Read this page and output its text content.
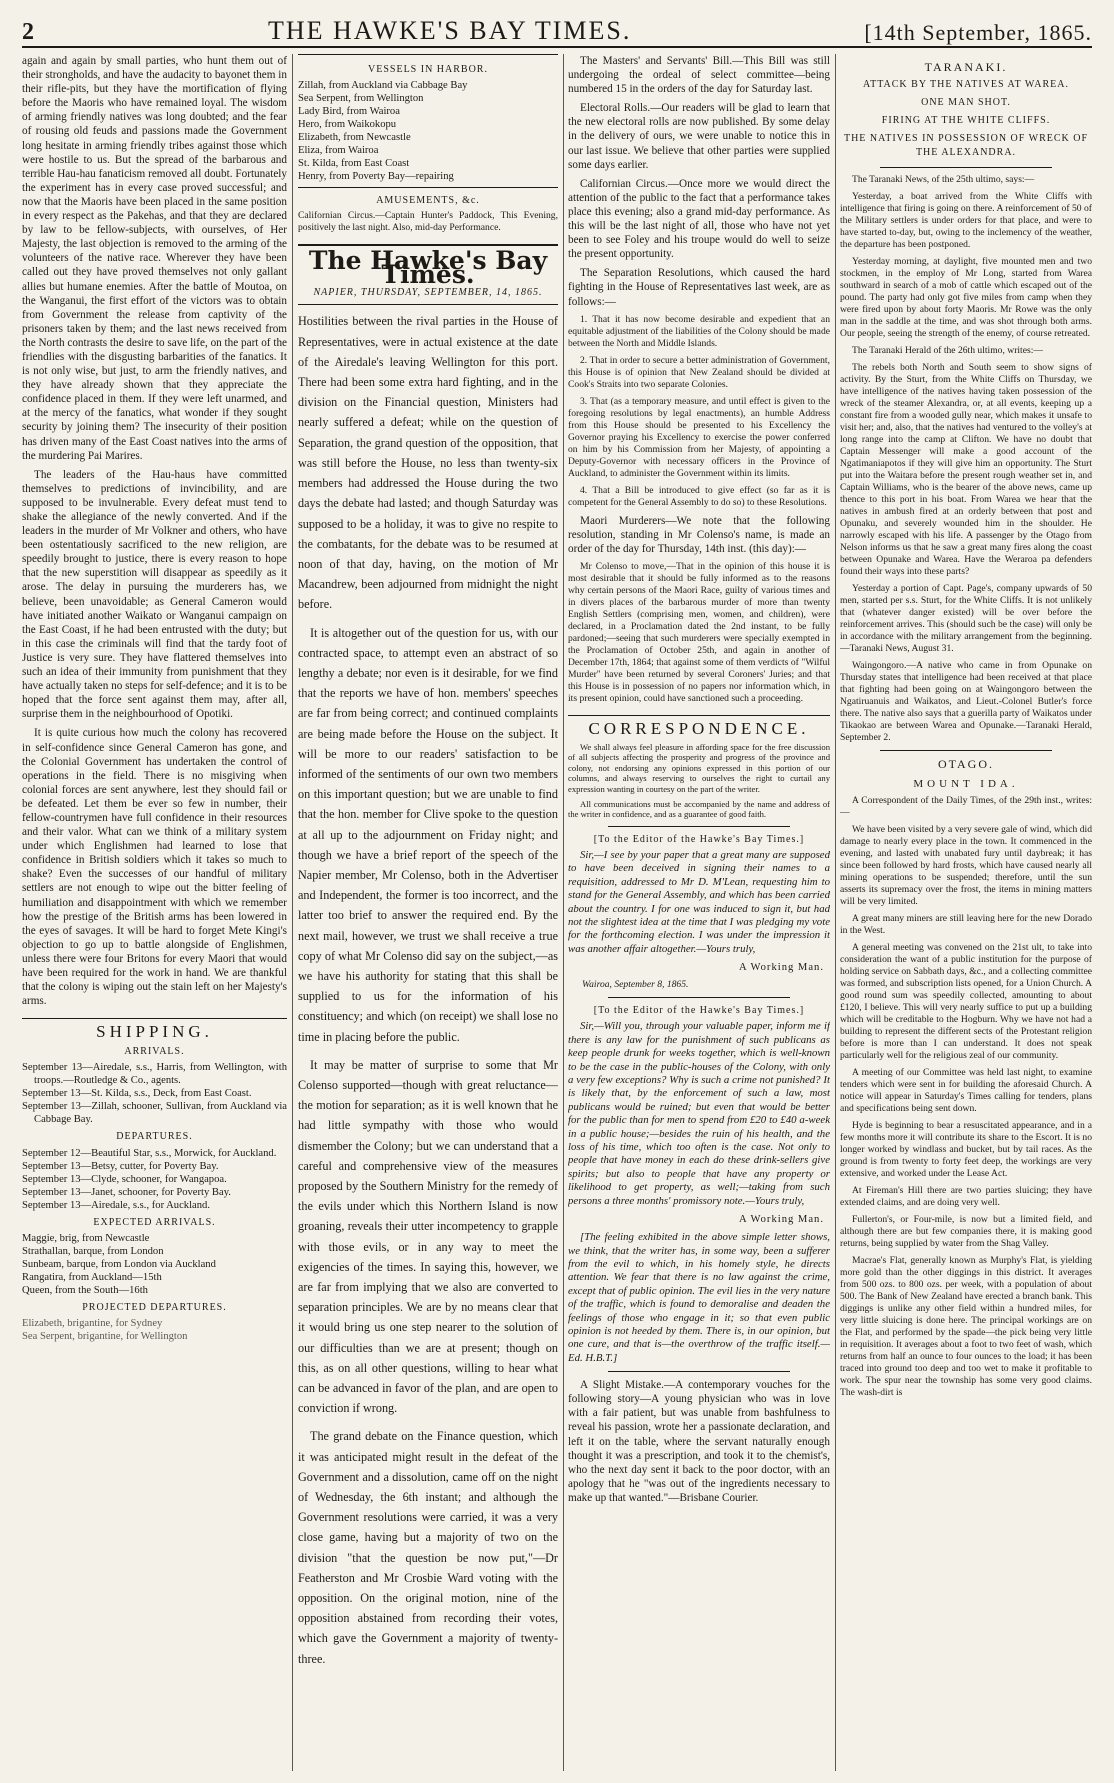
2	THE HAWKE'S BAY TIMES.	[14th September, 1865.

again and again by small parties, who hunt them out of their strongholds, and have the audacity to bayonet them in their rifle-pits, but they have the mortification of flying before the Maoris who have remained loyal. The wisdom of arming friendly natives was long doubted; and the fear of rousing old feuds and passions made the Government long hesitate in arming friendly tribes against those which were hostile to us. But the spread of the barbarous and terrible Hau-hau fanaticism removed all doubt. Fortunately the experiment has in every case proved successful; and now that the Maoris have been placed in the same position in every respect as the Pakehas, and that they are declared by law to be fellow-subjects, with ourselves, of Her Majesty, the last objection is removed to the arming of the volunteers of the native race. Wherever they have been called out they have proved themselves not only gallant allies but humane enemies. After the battle of Moutoa, on the Wanganui, the first effort of the victors was to obtain from Government the release from captivity of the prisoners taken by them; and the last news received from the North contrasts the desire to save life, on the part of the friendlies with the disgusting barbarities of the fanatics. It is not only wise, but just, to arm the friendly natives, and they have already shown that they appreciate the confidence placed in them. If they were left unarmed, and at the mercy of the fanatics, what wonder if they sought security by joining them? The insecurity of their position has driven many of the East Coast natives into the arms of the murdering Pai Marires.

The leaders of the Hau-haus have committed themselves to predictions of invincibility, and are supposed to be invulnerable. Every defeat must tend to shake the allegiance of the newly converted. And if the leaders in the murder of Mr Volkner and others, who have been ostentatiously sacrificed to the new religion, are speedily brought to justice, there is every reason to hope that the new superstition will disappear as speedily as it arose. The delay in pursuing the murderers has, we believe, been unavoidable; as General Cameron would have initiated another Waikato or Wanganui campaign on the East Coast, if he had been entrusted with the duty; but in this case the criminals will find that the tardy foot of Justice is very sure. They have flattered themselves into such an idea of their immunity from punishment that they have actually taken no steps for self-defence; and it is to be hoped that the force sent against them may, after all, surprise them in the neighbourhood of Opotiki.

It is quite curious how much the colony has recovered in self-confidence since General Cameron has gone, and the Colonial Government has undertaken the control of operations in the field. There is no misgiving when colonial forces are sent anywhere, lest they should fail or be defeated. Let them be ever so few in number, their fellow-countrymen have full confidence in their resources and their valor. What can we think of a military system under which Englishmen had learned to lose that confidence in British soldiers which it takes so much to shake? Even the successes of our handful of military settlers are not enough to wipe out the bitter feeling of humiliation and disappointment with which we remember how the prestige of the British arms has been lowered in the eyes of savages. It will be hard to forget Mete Kingi's objection to go up to battle alongside of Englishmen, unless there were four Britons for every Maori that would have been required for the work in hand. We are thankful that the colony is wiping out the stain left on her Majesty's arms.

SHIPPING.
ARRIVALS.
September 13—Airedale, s.s., Harris, from Wellington, with troops.—Routledge & Co., agents.
September 13—St. Kilda, s.s., Deck, from East Coast.
September 13—Zillah, schooner, Sullivan, from Auckland via Cabbage Bay.
DEPARTURES.
September 12—Beautiful Star, s.s., Morwick, for Auckland.
September 13—Betsy, cutter, for Poverty Bay.
September 13—Clyde, schooner, for Wangapoa.
September 13—Janet, schooner, for Poverty Bay.
September 13—Airedale, s.s., for Auckland.
EXPECTED ARRIVALS.
Maggie, brig, from Newcastle
Strathallan, barque, from London
Sunbeam, barque, from London via Auckland
Rangatira, from Auckland—15th
Queen, from the South—16th
PROJECTED DEPARTURES.
Elizabeth, brigantine, for Sydney
Sea Serpent, brigantine, for Wellington
VESSELS IN HARBOR.
Zillah, from Auckland via Cabbage Bay
Sea Serpent, from Wellington
Lady Bird, from Wairoa
Hero, from Waikokopu
Elizabeth, from Newcastle
Eliza, from Wairoa
St. Kilda, from East Coast
Henry, from Poverty Bay—repairing
AMUSEMENTS, &c.

Californian Circus.—Captain Hunter's Paddock, This Evening, positively the last night. Also, mid-day Performance.

The Hawke's Bay Times.
NAPIER, THURSDAY, SEPTEMBER, 14, 1865.

Hostilities between the rival parties in the House of Representatives, were in actual existence at the date of the Airedale's leaving Wellington for this port. There had been some extra hard fighting, and in the division on the Financial question, Ministers had nearly suffered a defeat; while on the question of Separation, the grand question of the opposition, that was still before the House, no less than twenty-six members had addressed the House during the two days the debate had lasted; and though Saturday was supposed to be a holiday, it was to give no respite to the combatants, for the debate was to be resumed at noon of that day, having, on the motion of Mr Macandrew, been adjourned from midnight the night before.

It is altogether out of the question for us, with our contracted space, to attempt even an abstract of so lengthy a debate; nor even is it desirable, for we find that the reports we have of hon. members' speeches are far from being correct; and continued complaints are being made before the House on the subject. It will be more to our readers' satisfaction to be informed of the sentiments of our own two members on this important question; but we are unable to find that the hon. member for Clive spoke to the question at all up to the adjournment on Friday night; and though we have a brief report of the speech of the Napier member, Mr Colenso, both in the Advertiser and Independent, the former is too incorrect, and the latter too brief to answer the required end. By the next mail, however, we trust we shall receive a true copy of what Mr Colenso did say on the subject,—as we have his authority for stating that this shall be supplied to us for the information of his constituency; and which (on receipt) we shall lose no time in placing before the public.

It may be matter of surprise to some that Mr Colenso supported—though with great reluctance—the motion for separation; as it is well known that he had little sympathy with those who would dismember the Colony; but we can understand that a careful and comprehensive view of the measures proposed by the Southern Ministry for the remedy of the evils under which this Northern Island is now groaning, reveals their utter incompetency to grapple with those evils, or in any way to meet the exigencies of the times. In saying this, however, we are far from implying that we also are converted to separation principles. We are by no means clear that it would bring us one step nearer to the solution of our difficulties than we are at present; though on this, as on all other questions, willing to hear what can be advanced in favor of the plan, and are open to conviction if wrong.

The grand debate on the Finance question, which it was anticipated might result in the defeat of the Government and a dissolution, came off on the night of Wednesday, the 6th instant; and although the Government resolutions were carried, it was a very close game, having but a majority of two on the division "that the question be now put,"—Dr Featherston and Mr Crosbie Ward voting with the opposition. On the original motion, nine of the opposition abstained from recording their votes, which gave the Government a majority of twenty-three.

The Masters' and Servants' Bill.—This Bill was still undergoing the ordeal of select committee—being numbered 15 in the orders of the day for Saturday last.

Electoral Rolls.—Our readers will be glad to learn that the new electoral rolls are now published. By some delay in the delivery of ours, we were unable to notice this in our last issue. We believe that other parties were supplied some days earlier.

Californian Circus.—Once more we would direct the attention of the public to the fact that a performance takes place this evening; also a grand mid-day performance. As this will be the last night of all, those who have not yet been to see Foley and his troupe would do well to seize the present opportunity.

The Separation Resolutions, which caused the hard fighting in the House of Representatives last week, are as follows:—

1. That it has now become desirable and expedient that an equitable adjustment of the liabilities of the Colony should be made between the North and Middle Islands.

2. That in order to secure a better administration of Government, this House is of opinion that New Zealand should be divided at Cook's Straits into two separate Colonies.

3. That (as a temporary measure, and until effect is given to the foregoing resolutions by legal enactments), an humble Address from this House should be presented to his Excellency the Governor praying his Excellency to exercise the power conferred on him by his Commission from her Majesty, of appointing a Deputy-Governor with necessary officers in the Province of Auckland, to administer the Government within its limits.

4. That a Bill be introduced to give effect (so far as it is competent for the General Assembly to do so) to these Resolutions.

Maori Murderers—We note that the following resolution, standing in Mr Colenso's name, is made an order of the day for Thursday, 14th inst. (this day):—

Mr Colenso to move,—That in the opinion of this house it is most desirable that it should be fully informed as to the reasons why certain persons of the Maori Race, guilty of various times and in divers places of the barbarous murder of more than twenty English Settlers (comprising men, women, and children), were declared, in a Proclamation dated the 2nd instant, to be fully pardoned;—seeing that such murderers were specially exempted in the Proclamation of October 25th, and again in another of December 17th, 1864; that against some of them verdicts of "Wilful Murder" have been returned by several Coroners' Juries; and that this House is in possession of no papers nor information which, in its present opinion, could have sanctioned such a proceeding.

CORRESPONDENCE.

We shall always feel pleasure in affording space for the free discussion of all subjects affecting the prosperity and progress of the province and colony, not endorsing any opinions expressed in this portion of our columns, and always reserving to ourselves the right to curtail any expression wanting in courtesy on the part of the writer.

All communications must be accompanied by the name and address of the writer in confidence, and as a guarantee of good faith.

[To the Editor of the Hawke's Bay Times.]

Sir,—I see by your paper that a great many are supposed to have been deceived in signing their names to a requisition, addressed to Mr D. M'Lean, requesting him to stand for the General Assembly, and which has been carried about the country. I for one was induced to sign it, but had not the slightest idea at the time that I was pledging my vote for the forthcoming election. I was under the impression it was another affair altogether.—Yours truly,

A Working Man.
Wairoa, September 8, 1865.
[To the Editor of the Hawke's Bay Times.]

Sir,—Will you, through your valuable paper, inform me if there is any law for the punishment of such publicans as keep people drunk for weeks together, which is well-known to be the case in the public-houses of the Colony, with only a very few exceptions? Why is such a crime not punished? It is likely that, by the enforcement of such a law, most publicans would be ruined; but even that would be better for the public than for men to spend from £20 to £40 a-week in a public house;—besides the ruin of his health, and the loss of his time, which too often is the case. Not only to people that have money in each do these drink-sellers give spirits; but also to people that have any property or likelihood to get property, as well;—taking from such persons a three months' promissory note.—Yours truly,

A Working Man.

[The feeling exhibited in the above simple letter shows, we think, that the writer has, in some way, been a sufferer from the evil to which, in his homely style, he directs attention. We fear that there is no law against the crime, except that of public opinion. The evil lies in the very nature of the traffic, which is found to demoralise and deaden the feelings of those who engage in it; so that even public opinion is not heeded by them. There is, in our opinion, but one cure, and that is—the overthrow of the traffic itself.—Ed. H.B.T.]

A Slight Mistake.—A contemporary vouches for the following story—A young physician who was in love with a fair patient, but was unable from bashfulness to reveal his passion, wrote her a passionate declaration, and left it on the table, where the servant naturally enough thought it was a prescription, and took it to the chemist's, who the next day sent it back to the poor doctor, with an apology that he "was out of the ingredients necessary to make up that wanted."—Brisbane Courier.

TARANAKI.
ATTACK BY THE NATIVES AT WAREA.
ONE MAN SHOT.
FIRING AT THE WHITE CLIFFS.
THE NATIVES IN POSSESSION OF WRECK OF THE ALEXANDRA.

The Taranaki News, of the 25th ultimo, says:—

Yesterday, a boat arrived from the White Cliffs with intelligence that firing is going on there. A reinforcement of 50 of the Military settlers is under orders for that place, and were to have started to-day, but, owing to the inclemency of the weather, the departure has been postponed.

Yesterday morning, at daylight, five mounted men and two stockmen, in the employ of Mr Long, started from Warea southward in search of a mob of cattle which escaped out of the pound. The party had only got five miles from camp when they were fired upon by about forty Maoris. Mr Rowe was the only man in the saddle at the time, and was shot through both arms. Our people, seeing the strength of the enemy, of course retreated.

The Taranaki Herald of the 26th ultimo, writes:—

The rebels both North and South seem to show signs of activity. By the Sturt, from the White Cliffs on Thursday, we have intelligence of the natives having taken possession of the wreck of the steamer Alexandra, or, at all events, keeping up a constant fire from a wooded gully near, which makes it unsafe to visit her; and, also, that the natives had ventured to the volley's at long range into the camp at Clifton. We have no doubt that Captain Messenger will make a good account of the Ngatimaniapotos if they will give him an opportunity. The Sturt put into the Waitara before the present rough weather set in, and Captain Williams, who is the bearer of the above news, came up thence to this port in his boat. From Warea we hear that the natives in ambush fired at an orderly between that post and Opunaku, and severely wounded him in the shoulder. He narrowly escaped with his life. A passenger by the Otago from Nelson informs us that he saw a great many fires along the coast between Opunake and Warea. Have the Weraroa pa defenders found their ways into these parts?

Yesterday a portion of Capt. Page's, company upwards of 50 men, started per s.s. Sturt, for the White Cliffs. It is not unlikely that (whatever danger existed) will be over before the reinforcement arrives. This (should such be the case) will only be in accordance with the military arrangement from the beginning.—Taranaki News, August 31.

Waingongoro.—A native who came in from Opunake on Thursday states that intelligence had been received at that place that fighting had been going on at Waingongoro between the Ngatiruanuis and Waikatos, and Lieut.-Colonel Butler's force there. The native also says that a guerilla party of Waikatos under Tikaokao are between Warea and Opunake.—Taranaki Herald, September 2.

OTAGO.
MOUNT IDA.

A Correspondent of the Daily Times, of the 29th inst., writes:—

We have been visited by a very severe gale of wind, which did damage to nearly every place in the town. It commenced in the evening, and lasted with unabated fury until daybreak; it has since been followed by hard frosts, which have caused nearly all mining operations to be suspended; therefore, until the sun asserts its supremacy over the frost, the items in mining matters will be very limited.

A great many miners are still leaving here for the new Dorado in the West.

A general meeting was convened on the 21st ult, to take into consideration the want of a public institution for the purpose of holding service on Sabbath days, &c., and a collecting committee was formed, and subscription lists opened, for a Union Church. A good round sum was speedily collected, amounting to about £120, I believe. This will very nearly suffice to put up a building which will be creditable to the Hogburn. Why we have not had a building to represent the different sects of the Protestant religion before is more than I can understand. It does not speak particularly well for the religious zeal of our community.

A meeting of our Committee was held last night, to examine tenders which were sent in for building the aforesaid Church. A notice will appear in Saturday's Times calling for tenders, plans and specifications being sent down.

Hyde is beginning to bear a resuscitated appearance, and in a few months more it will contribute its share to the Escort. It is no longer worked by windlass and bucket, but by tail races. As the ground is from twenty to forty feet deep, the workings are very extensive, and worked under the Lease Act.

At Fireman's Hill there are two parties sluicing; they have extended claims, and are doing very well.

Fullerton's, or Four-mile, is now but a limited field, and although there are but few companies there, it is making good returns, being supplied by water from the Shag Valley.

Macrae's Flat, generally known as Murphy's Flat, is yielding more gold than the other diggings in this district. It averages from 500 ozs. to 800 ozs. per week, with a population of about 500. The Bank of New Zealand have erected a branch bank. This diggings is unlike any other field within a hundred miles, for very little sluicing is done here. The principal workings are on the Flat, and performed by the spade—the pick being very little in requisition. It averages about a foot to two feet of wash, which returns from half an ounce to four ounces to the load; it has been traced into ground too deep and too wet to make it profitable to work. The spur near the township has some very good claims. The wash-dirt is
